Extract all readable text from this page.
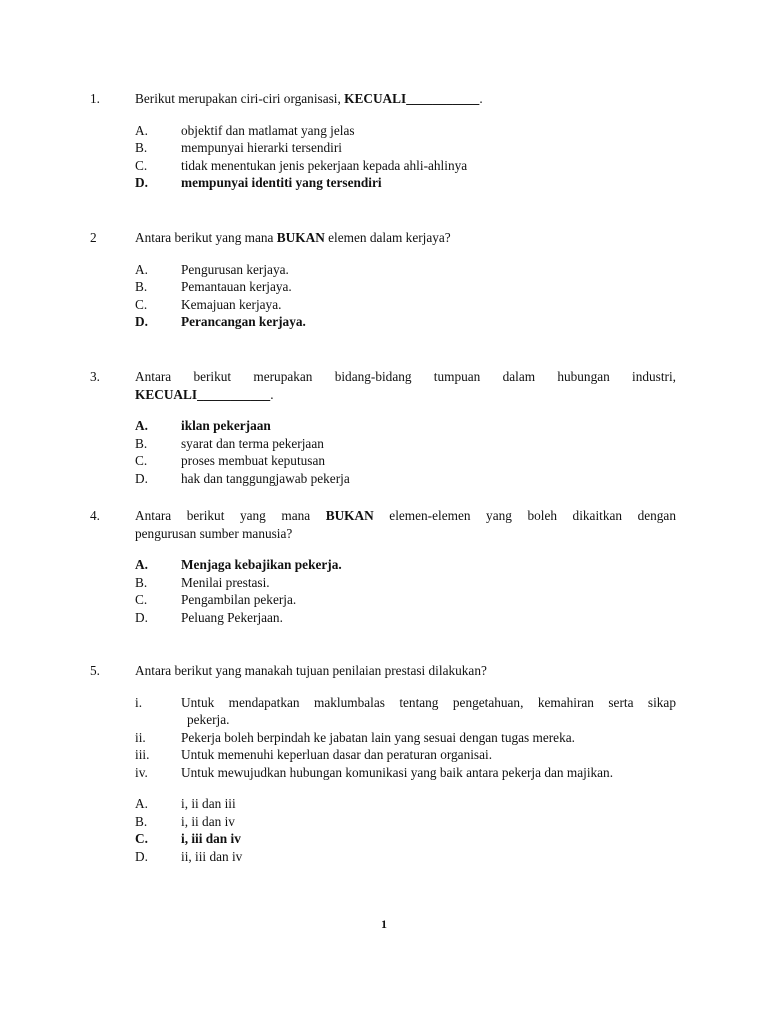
1.	Berikut merupakan ciri-ciri organisasi, KECUALI___________.
A. objektif dan matlamat yang jelas
B.	mempunyai hierarki tersendiri
C.	tidak menentukan jenis pekerjaan kepada ahli-ahlinya
D. mempunyai identiti yang tersendiri
2	Antara berikut yang mana BUKAN elemen dalam kerjaya?
A. Pengurusan kerjaya.
B.	Pemantauan kerjaya.
C.	Kemajuan kerjaya.
D. Perancangan kerjaya.
3.	Antara berikut merupakan bidang-bidang tumpuan dalam hubungan industri,
KECUALI___________.
A. iklan pekerjaan
B.	syarat dan terma pekerjaan
C.	proses membuat keputusan
D. hak dan tanggungjawab pekerja
4.	Antara berikut yang mana BUKAN elemen-elemen yang boleh dikaitkan dengan
pengurusan sumber manusia?
A. Menjaga kebajikan pekerja.
B.	Menilai prestasi.
C.	Pengambilan pekerja.
D. Peluang Pekerjaan.
5.	Antara berikut yang manakah tujuan penilaian prestasi dilakukan?
i.	Untuk mendapatkan maklumbalas tentang pengetahuan, kemahiran serta sikap
pekerja.
ii.	Pekerja boleh berpindah ke jabatan lain yang sesuai dengan tugas mereka.
iii. Untuk memenuhi keperluan dasar dan peraturan organisai.
iv. Untuk mewujudkan hubungan komunikasi yang baik antara pekerja dan majikan.
A. i, ii dan iii
B.	i, ii dan iv
C. i, iii dan iv
D. ii, iii dan iv
1
